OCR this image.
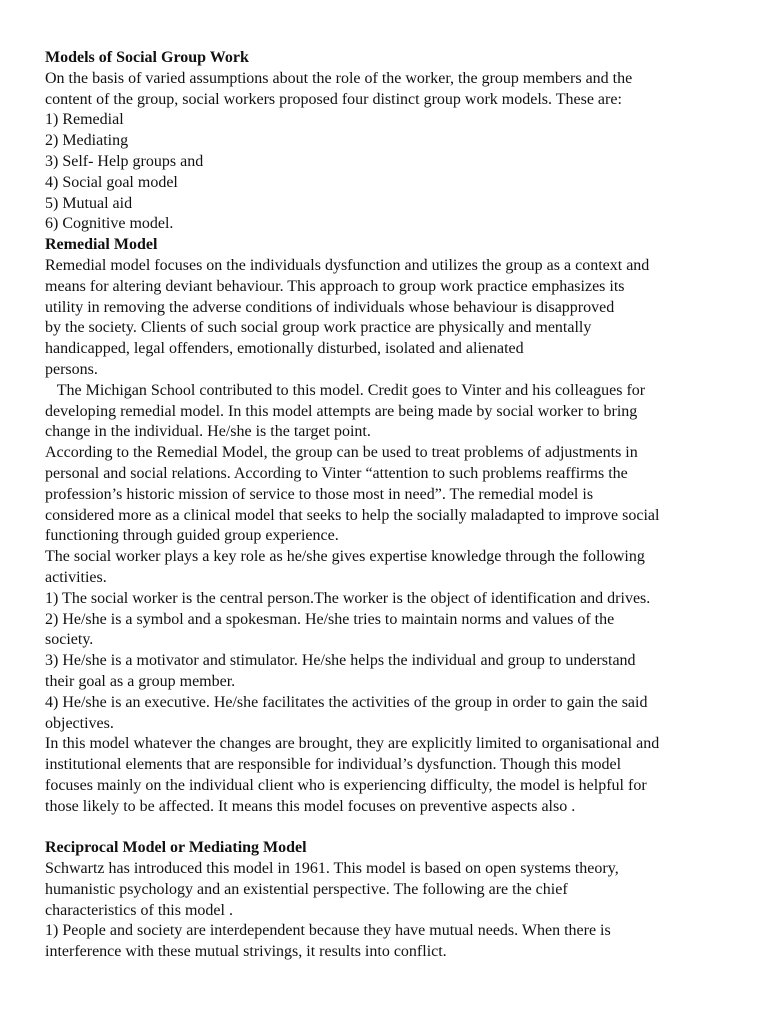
Models of Social Group Work
On the basis of varied assumptions about the role of the worker, the group members and the
content of the group, social workers proposed four distinct group work models. These are:
1) Remedial
2) Mediating
3) Self- Help groups and
4) Social goal model
5) Mutual aid
6) Cognitive model.
Remedial Model
Remedial model focuses on the individuals dysfunction and utilizes the group as a context and
means for altering deviant behaviour. This approach to group work practice emphasizes its
utility in removing the adverse conditions of individuals whose behaviour is disapproved
by the society. Clients of such social group work practice are physically and mentally
handicapped, legal offenders, emotionally disturbed, isolated and alienated
persons.
The Michigan School contributed to this model. Credit goes to Vinter and his colleagues for
developing remedial model. In this model attempts are being made by social worker to bring
change in the individual. He/she is the target point.
According to the Remedial Model, the group can be used to treat problems of adjustments in
personal and social relations. According to Vinter “attention to such problems reaffirms the
profession’s historic mission of service to those most in need”. The remedial model is
considered more as a clinical model that seeks to help the socially maladapted to improve social
functioning through guided group experience.
The social worker plays a key role as he/she gives expertise knowledge through the following
activities.
1) The social worker is the central person.The worker is the object of identification and drives.
2) He/she is a symbol and a spokesman. He/she tries to maintain norms and values of the
society.
3) He/she is a motivator and stimulator. He/she helps the individual and group to understand
their goal as a group member.
4) He/she is an executive. He/she facilitates the activities of the group in order to gain the said
objectives.
In this model whatever the changes are brought, they are explicitly limited to organisational and
institutional elements that are responsible for individual’s dysfunction. Though this model
focuses mainly on the individual client who is experiencing difficulty, the model is helpful for
those likely to be affected. It means this model focuses on preventive aspects also .
Reciprocal Model or Mediating Model
Schwartz has introduced this model in 1961. This model is based on open systems theory,
humanistic psychology and an existential perspective. The following are the chief
characteristics of this model .
1) People and society are interdependent because they have mutual needs. When there is
interference with these mutual strivings, it results into conflict.
